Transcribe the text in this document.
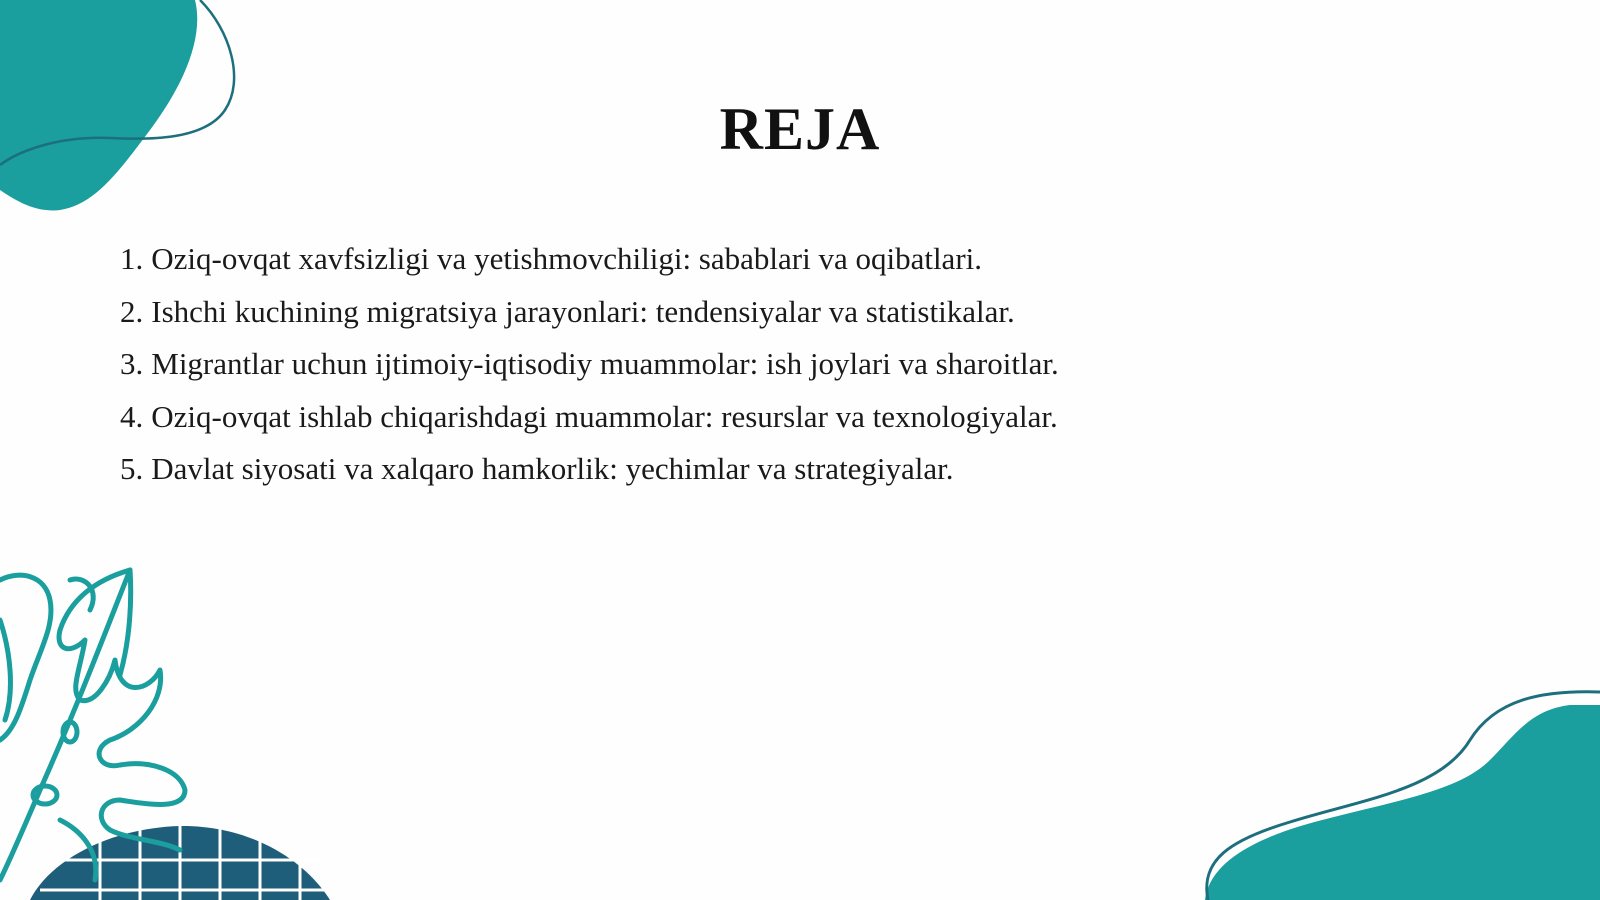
REJA
1. Oziq-ovqat xavfsizligi va yetishmovchiligi: sabablari va oqibatlari.
2. Ishchi kuchining migratsiya jarayonlari: tendensiyalar va statistikalar.
3. Migrantlar uchun ijtimoiy-iqtisodiy muammolar: ish joylari va sharoitlar.
4. Oziq-ovqat ishlab chiqarishdagi muammolar: resurslar va texnologiyalar.
5. Davlat siyosati va xalqaro hamkorlik: yechimlar va strategiyalar.
